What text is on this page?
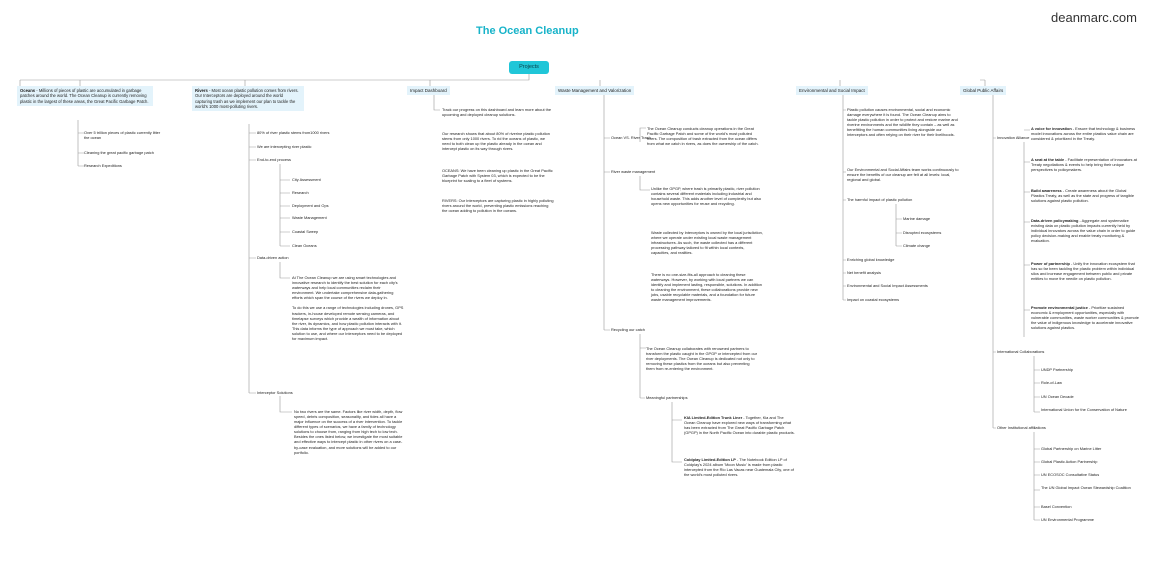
The Ocean Cleanup
deanmarc.com
Projects
Oceans - Millions of pieces of plastic are accumulated in garbage patches around the world. The Ocean Cleanup is currently removing plastic in the largest of these areas, the Great Pacific Garbage Patch.
Over 5 trillion pieces of plastic currently litter the ocean
Cleaning the great pacific garbage patch
Research Expeditions
Rivers - Most ocean plastic pollution comes from rivers. Our Interceptors are deployed around the world capturing trash as we implement our plan to tackle the world's 1000 most-polluting rivers.
80% of river plastic stems from1000 rivers
We are intercepting river plastic
End-to-end process
City Assessment
Research
Deployment and Ops
Waste Management
Coastal Sweep
Clean Oceans
Data-driven action
At The Ocean Cleanup we are using smart technologies and innovative research to identify the best solution for each city's waterways and help local communities reclaim their environment. We undertake comprehensive data-gathering efforts which span the course of the rivers we deploy in.

To do this we use a range of technologies including drones, GPS trackers, in-house developed remote sensing cameras, and timelapse surveys which provide a wealth of information about the river, its dynamics, and how plastic pollution interacts with it. This data informs the type of approach we must take, which solution to use, and where our Interceptors need to be deployed for maximum impact.
Interceptor Solutions
No two rivers are the same. Factors like river width, depth, flow speed, debris composition, seasonality, and tides all have a major influence on the success of a river intervention. To tackle different types of scenarios, we have a family of technology solutions to choose from, ranging from high tech to low tech. Besides the ones listed below, we investigate the most suitable and effective ways to intercept plastic in other rivers on a case-by-case evaluation, and more solutions will be added to our portfolio.
Impact Dashboard
Track our progress on this dashboard and learn more about the upcoming and deployed cleanup solutions.
Our research shows that about 80% of riverine plastic pollution stems from only 1000 rivers. To rid the oceans of plastic, we need to both clean up the plastic already in the ocean and intercept plastic on its way through rivers.
OCEANS: We have been cleaning up plastic in the Great Pacific Garbage Patch with System 03, which is expected to be the blueprint for scaling to a fleet of systems.
RIVERS: Our Interceptors are capturing plastic in highly polluting rivers around the world, preventing plastic emissions reaching the ocean adding to pollution in the oceans.
Waste Management and Valorization
Ocean VS. River Trash
The Ocean Cleanup conducts cleanup operations in the Great Pacific Garbage Patch and some of the world's most polluted rivers. The composition of trash extracted from the ocean differs from what we catch in rivers, as does the ownership of the catch.
River waste management
Unlike the GPGP, where trash is primarily plastic, river pollution contains several different materials including industrial and household waste. This adds another level of complexity but also opens new opportunities for reuse and recycling.
Waste collected by Interceptors is owned by the local jurisdiction, where we operate under existing local waste management infrastructures. As such, the waste collected has a different processing pathway tailored to fit within local contexts, capacities, and realities.
There is no one-size-fits-all approach to cleaning these waterways. However, by working with local partners we can identify and implement lasting, responsible, solutions. In addition to cleaning the environment, these collaborations provide new jobs, usable recyclable materials, and a foundation for future waste management improvements.
Recycling our catch
The Ocean Cleanup collaborates with renowned partners to transform the plastic caught in the GPGP or intercepted from our river deployments. The Ocean Cleanup is dedicated not only to removing these plastics from the oceans but also preventing them from re-entering the environment.
Meaningful partnerships
KIA Limited-Edition Trunk Liner - Together, Kia and The Ocean Cleanup have explored new ways of transforming what has been extracted from The Great Pacific Garbage Patch (GPGP) in the North Pacific Ocean into durable plastic products.
Coldplay Limited-Edition LP - The Notebook Edition LP of Coldplay's 2024 album 'Moon Music' is made from plastic intercepted from the Rio Las Vacas near Guatemala City, one of the world's most polluted rivers.
Environmental and Social Impact
Plastic pollution causes environmental, social and economic damage everywhere it is found. The Ocean Cleanup aims to tackle plastic pollution in order to protect and restore marine and riverine environments and the wildlife they contain – as well as benefitting the human communities living alongside our Interceptors and often relying on their river for their livelihoods.
Our Environmental and Social Affairs team works continuously to ensure the benefits of our cleanup are felt at all levels: local, regional and global.
The harmful impact of plastic pollution
Marine damage
Disrupted ecosystems
Climate change
Enriching global knowledge
Net benefit analysis
Environmental and Social Impact Assessments
Impact on coastal ecosystems
Global Public Affairs
Innovation Alliance
A voice for innovation - Ensure that technology & business model innovations across the entire plastics value chain are considered & prioritized in the Treaty.
A seat at the table - Facilitate representation of innovators at Treaty negotiations & events to help bring their unique perspectives to policymakers.
Build awareness - Create awareness about the Global Plastics Treaty, as well as the state and progress of tangible solutions against plastic pollution.
Data-driven policymaking - Aggregate and systematize existing data on plastic pollution impacts currently held by individual innovators across the value chain in order to guide policy decision-making and enable treaty monitoring & evaluation.
Power of partnership - Unify the innovation ecosystem that has so far been tackling the plastic problem within individual silos and increase engagement between public and private entities to move the needle on plastic pollution.
Promote environmental justice - Prioritize sustained economic & employment opportunities, especially with vulnerable communities, waste worker communities & promote the value of indigenous knowledge to accelerate innovative solutions against plastics.
International Collaborations
UNDP Partnership
Role-of-Law
UN Ocean Decade
International Union for the Conservation of Nature
Other Institutional affiliations
Global Partnership on Marine Litter
Global Plastic Action Partnership
UN ECOSOC Consultative Status
The UN Global Impact Ocean Stewardship Coalition
Basel Convention
UN Environmental Programme
